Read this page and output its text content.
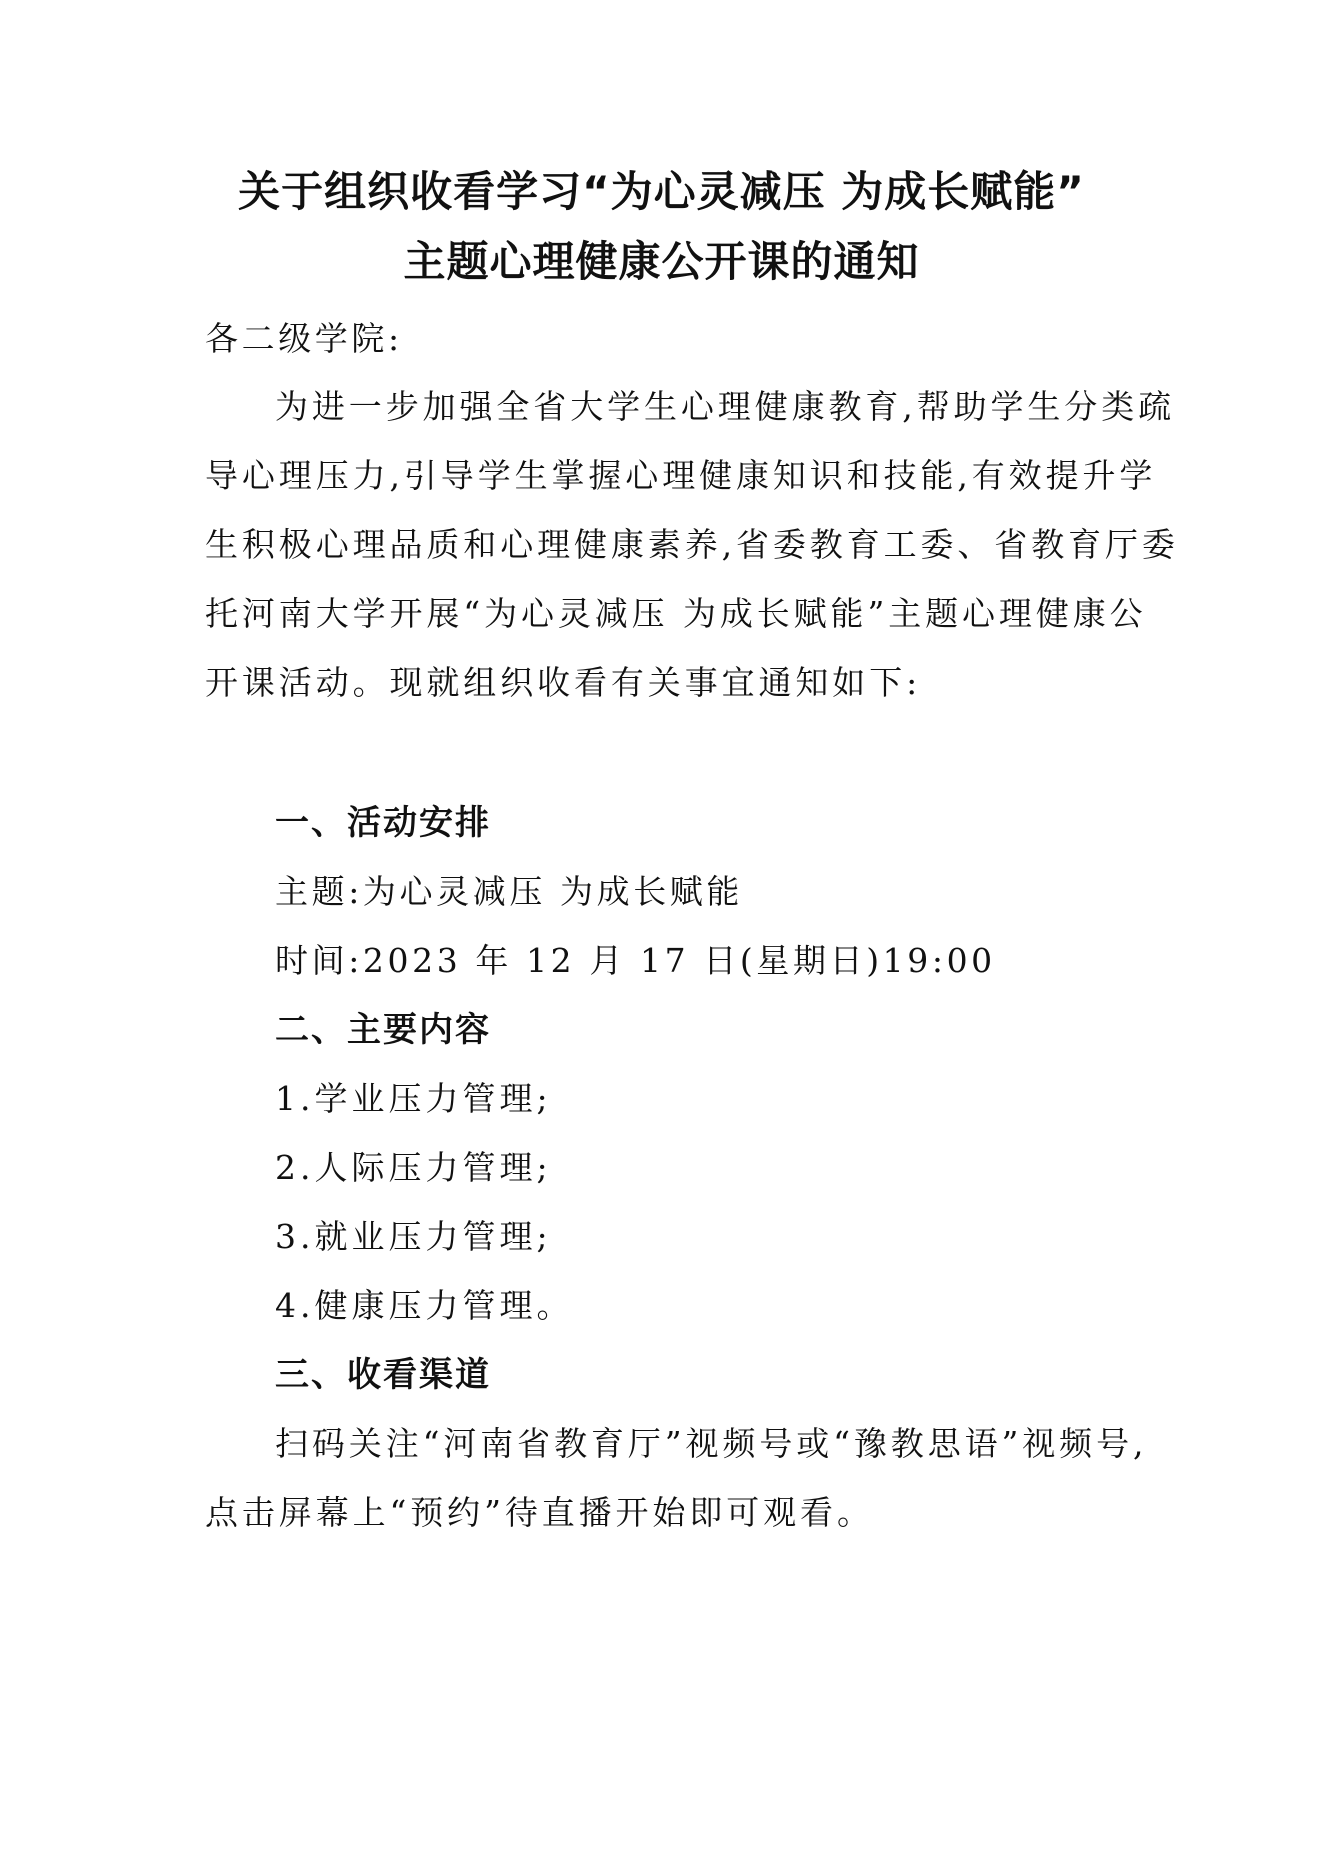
关于组织收看学习“为心灵减压 为成长赋能”
主题心理健康公开课的通知
各二级学院:
为进一步加强全省大学生心理健康教育,帮助学生分类疏
导心理压力,引导学生掌握心理健康知识和技能,有效提升学
生积极心理品质和心理健康素养,省委教育工委、省教育厅委
托河南大学开展“为心灵减压 为成长赋能”主题心理健康公
开课活动。现就组织收看有关事宜通知如下:
一、活动安排
主题:为心灵减压 为成长赋能
时间:2023 年 12 月 17 日(星期日)19:00
二、主要内容
1.学业压力管理;
2.人际压力管理;
3.就业压力管理;
4.健康压力管理。
三、收看渠道
扫码关注“河南省教育厅”视频号或“豫教思语”视频号,
点击屏幕上“预约”待直播开始即可观看。
